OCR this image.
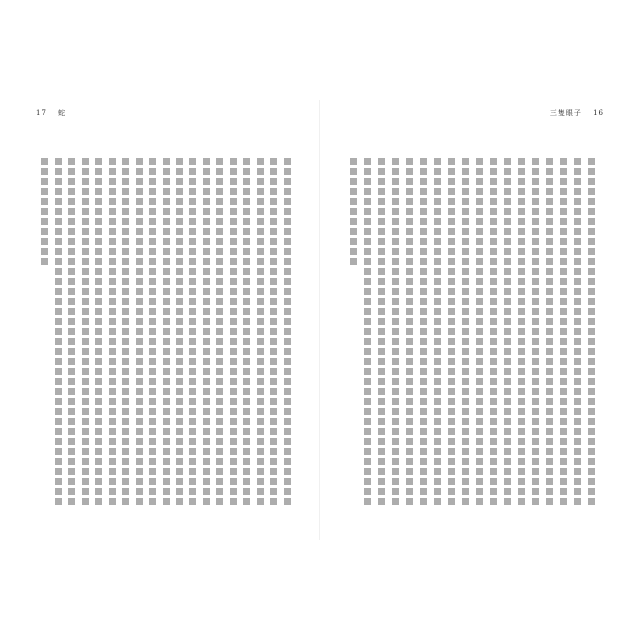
17 蛇	三隻眼子 16
